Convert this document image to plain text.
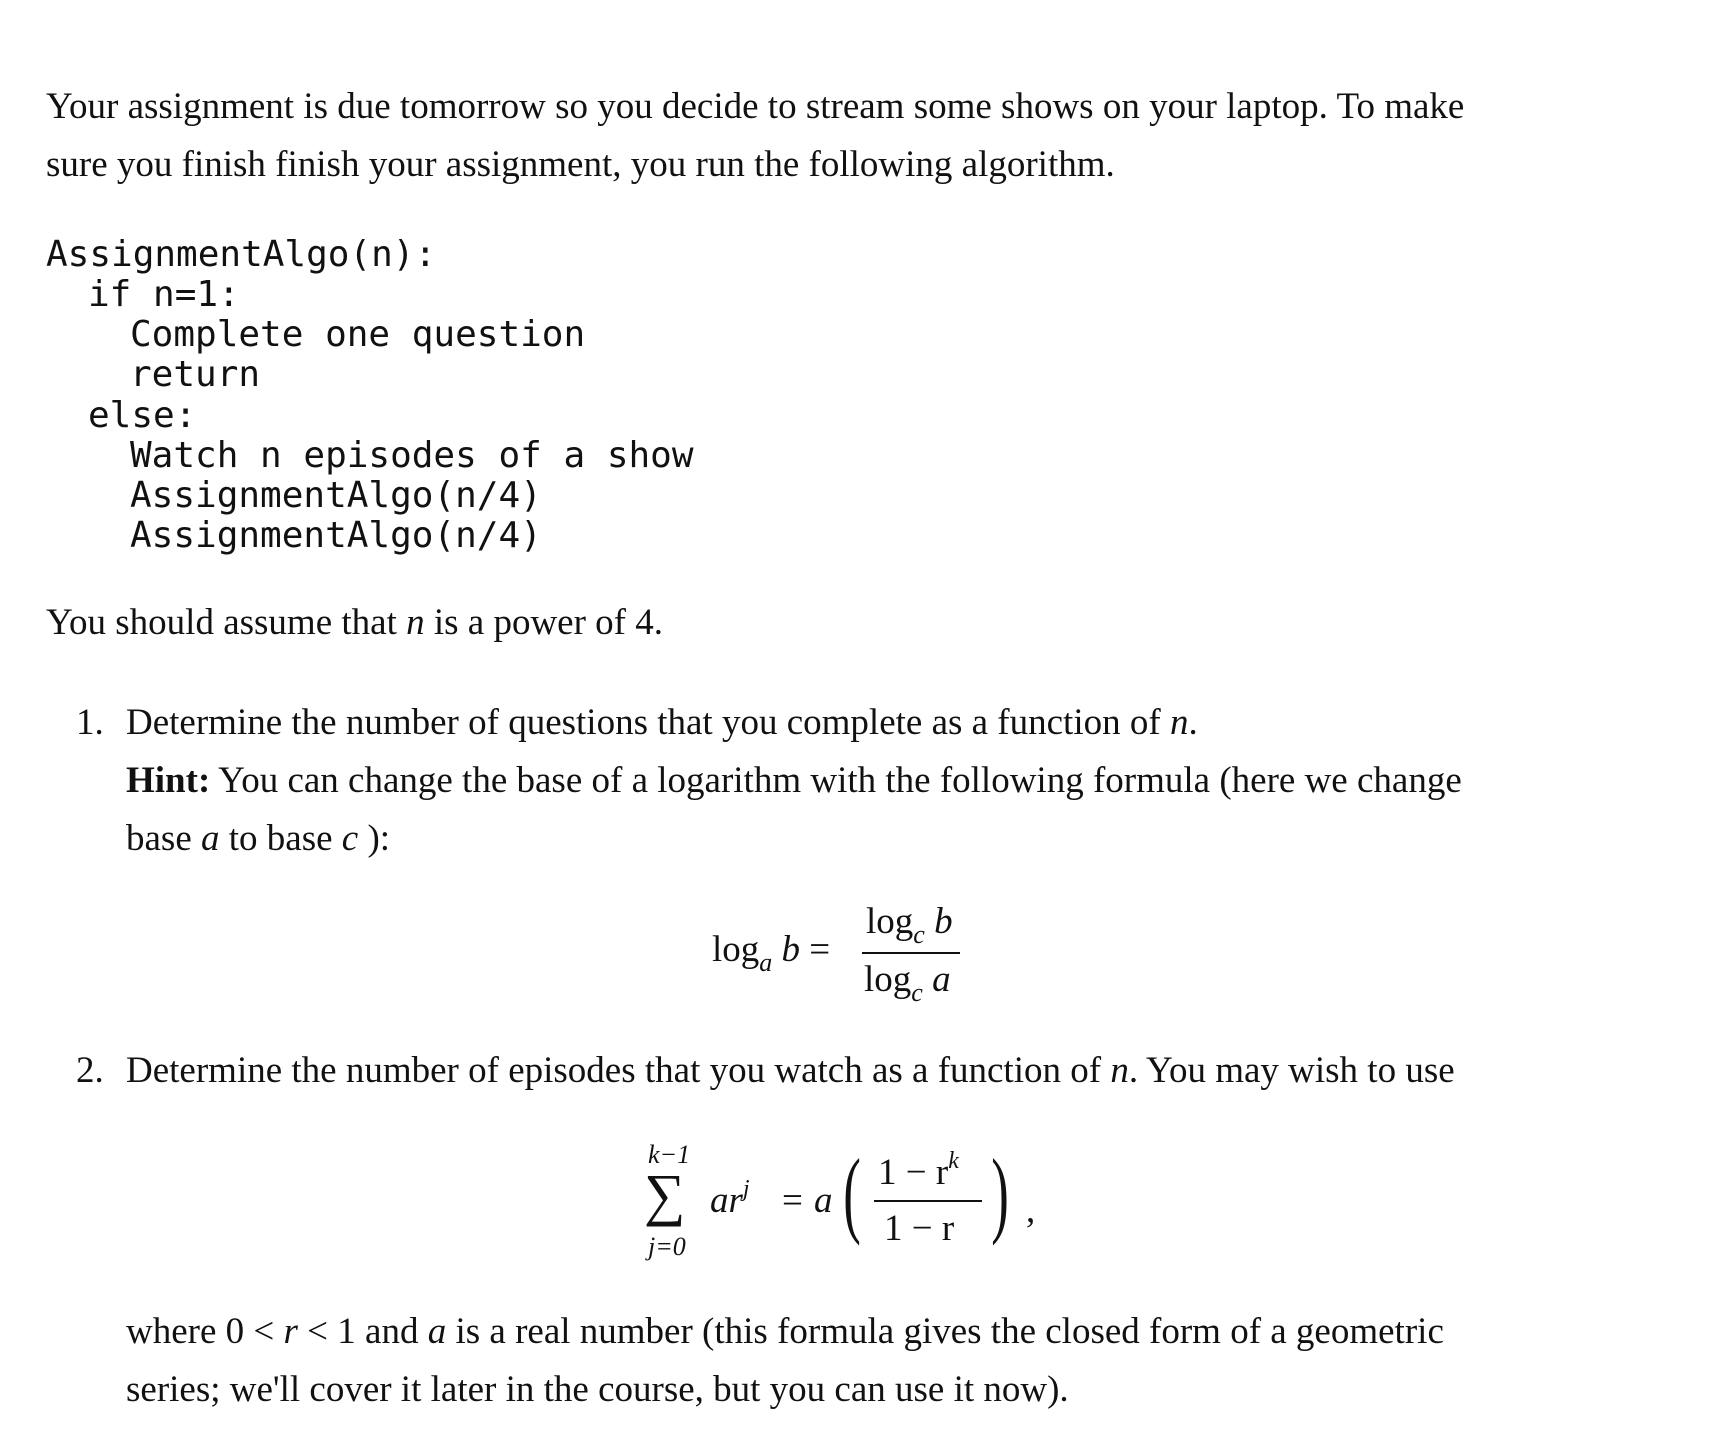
Your assignment is due tomorrow so you decide to stream some shows on your laptop. To make
sure you finish finish your assignment, you run the following algorithm.
AssignmentAlgo(n):
if n=1:
Complete one question
return
else:
Watch n episodes of a show
AssignmentAlgo(n/4)
AssignmentAlgo(n/4)
You should assume that n is a power of 4.
1. Determine the number of questions that you complete as a function of n.
Hint: You can change the base of a logarithm with the following formula (here we change
base a to base c ):
$\log_a b$ =
$\log_c b$
$\log_c a$
2. Determine the number of episodes that you watch as a function of n. You may wish to use
k−1
∑
j=0
$ar^j = a$ ( $1 - r^k$
1 − r ) ,
where 0 < r < 1 and a is a real number (this formula gives the closed form of a geometric
series; we'll cover it later in the course, but you can use it now).
